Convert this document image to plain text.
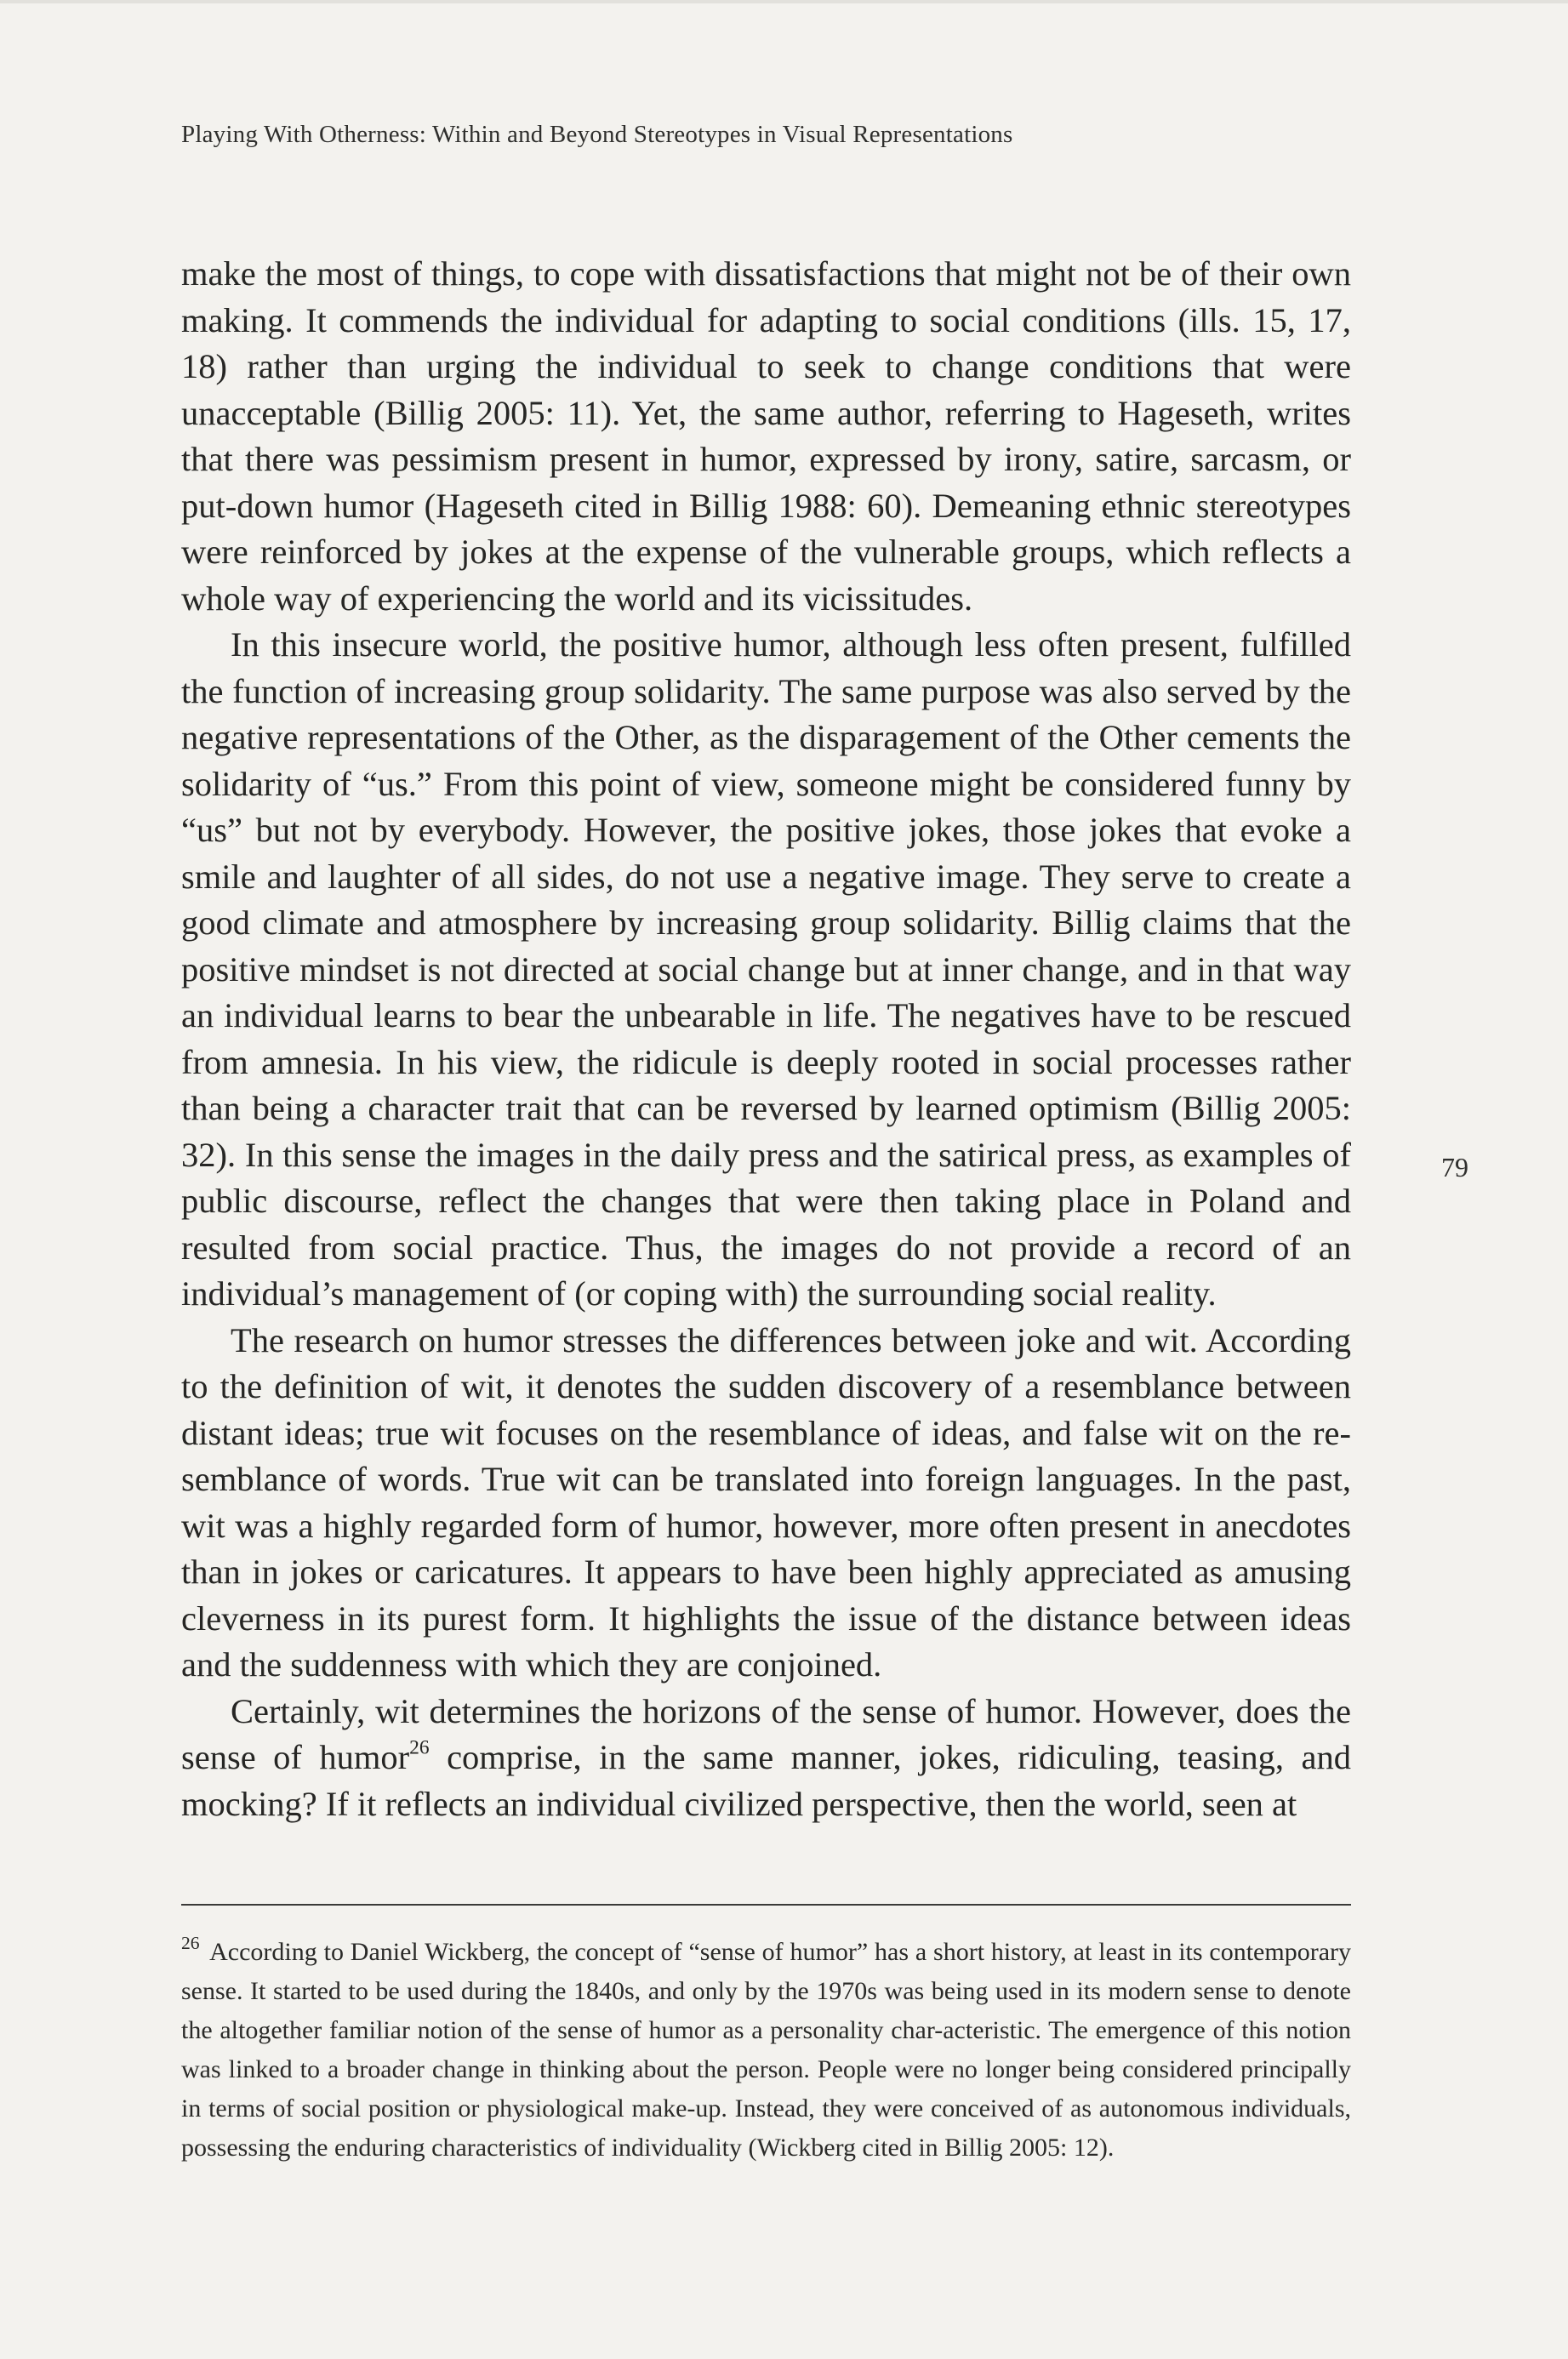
Playing With Otherness: Within and Beyond Stereotypes in Visual Representations

make the most of things, to cope with dissatisfactions that might not be of their own making. It commends the individual for adapting to social conditions (ills. 15, 17, 18) rather than urging the individual to seek to change conditions that were unacceptable (Billig 2005: 11). Yet, the same author, referring to Hageseth, writes that there was pessimism present in humor, expressed by irony, satire, sarcasm, or put-down humor (Hageseth cited in Billig 1988: 60). Demeaning ethnic stereotypes were reinforced by jokes at the expense of the vulnerable groups, which reflects a whole way of experiencing the world and its vicissitudes.

In this insecure world, the positive humor, although less often present, fulfilled the function of increasing group solidarity. The same purpose was also served by the negative representations of the Other, as the disparagement of the Other cements the solidarity of “us.” From this point of view, someone might be considered funny by “us” but not by everybody. However, the positive jokes, those jokes that evoke a smile and laughter of all sides, do not use a negative image. They serve to create a good climate and atmosphere by increasing group solidarity. Billig claims that the positive mindset is not directed at social change but at inner change, and in that way an individual learns to bear the unbearable in life. The negatives have to be rescued from amnesia. In his view, the ridicule is deeply rooted in social processes rather than being a character trait that can be reversed by learned optimism (Billig 2005: 32). In this sense the images in the daily press and the satirical press, as examples of public discourse, reflect the changes that were then taking place in Poland and resulted from social practice. Thus, the images do not provide a record of an individual’s management of (or coping with) the surrounding social reality.

The research on humor stresses the differences between joke and wit. According to the definition of wit, it denotes the sudden discovery of a resemblance between distant ideas; true wit focuses on the resemblance of ideas, and false wit on the re-semblance of words. True wit can be translated into foreign languages. In the past, wit was a highly regarded form of humor, however, more often present in anecdotes than in jokes or caricatures. It appears to have been highly appreciated as amusing cleverness in its purest form. It highlights the issue of the distance between ideas and the suddenness with which they are conjoined.

Certainly, wit determines the horizons of the sense of humor. However, does the sense of humor$^{26}$ comprise, in the same manner, jokes, ridiculing, teasing, and mocking? If it reflects an individual civilized perspective, then the world, seen at

79
$^{26}$ According to Daniel Wickberg, the concept of “sense of humor” has a short history, at least in its contemporary sense. It started to be used during the 1840s, and only by the 1970s was being used in its modern sense to denote the altogether familiar notion of the sense of humor as a personality char-acteristic. The emergence of this notion was linked to a broader change in thinking about the person. People were no longer being considered principally in terms of social position or physiological make-up. Instead, they were conceived of as autonomous individuals, possessing the enduring characteristics of individuality (Wickberg cited in Billig 2005: 12).
